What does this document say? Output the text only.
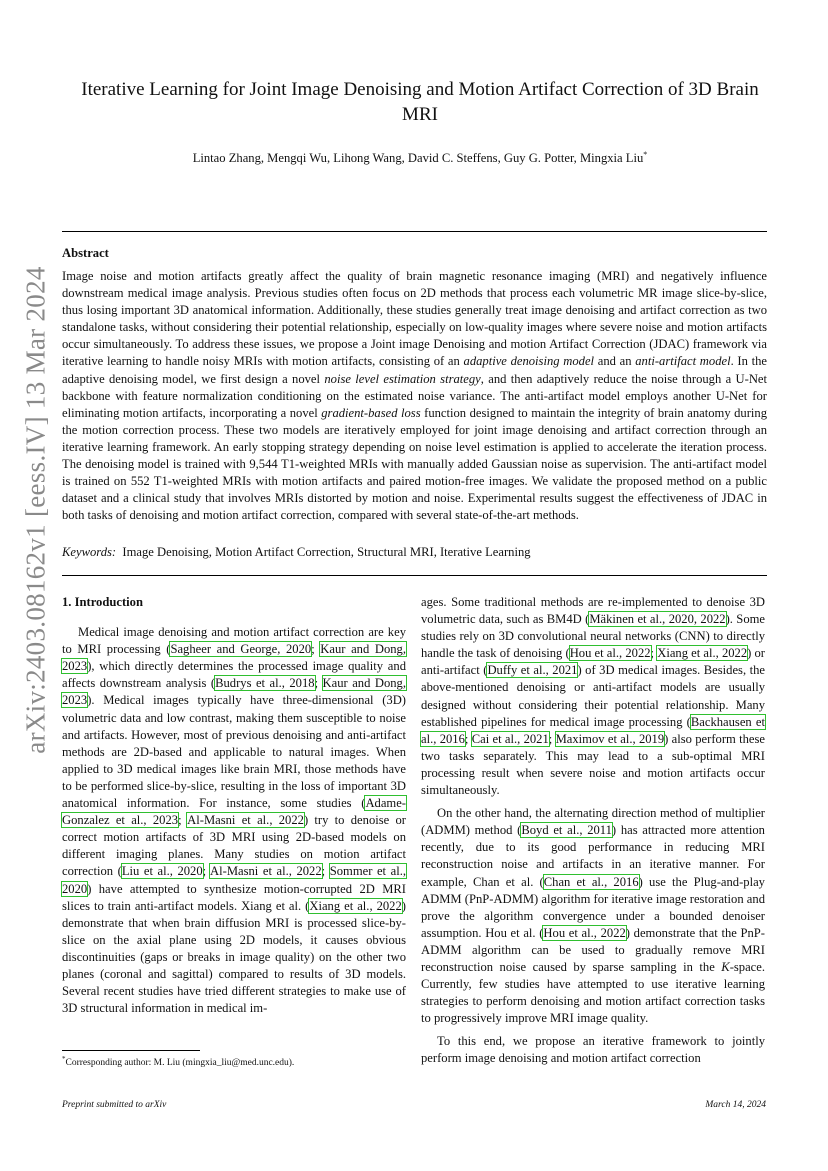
arXiv:2403.08162v1 [eess.IV] 13 Mar 2024
Iterative Learning for Joint Image Denoising and Motion Artifact Correction of 3D Brain MRI
Lintao Zhang, Mengqi Wu, Lihong Wang, David C. Steffens, Guy G. Potter, Mingxia Liu*
Abstract
Image noise and motion artifacts greatly affect the quality of brain magnetic resonance imaging (MRI) and negatively influence downstream medical image analysis. Previous studies often focus on 2D methods that process each volumetric MR image slice-by-slice, thus losing important 3D anatomical information. Additionally, these studies generally treat image denoising and artifact correction as two standalone tasks, without considering their potential relationship, especially on low-quality images where severe noise and motion artifacts occur simultaneously. To address these issues, we propose a Joint image Denoising and motion Artifact Correction (JDAC) framework via iterative learning to handle noisy MRIs with motion artifacts, consisting of an adaptive denoising model and an anti-artifact model. In the adaptive denoising model, we first design a novel noise level estimation strategy, and then adaptively reduce the noise through a U-Net backbone with feature normalization conditioning on the estimated noise variance. The anti-artifact model employs another U-Net for eliminating motion artifacts, incorporating a novel gradient-based loss function designed to maintain the integrity of brain anatomy during the motion correction process. These two models are iteratively employed for joint image denoising and artifact correction through an iterative learning framework. An early stopping strategy depending on noise level estimation is applied to accelerate the iteration process. The denoising model is trained with 9,544 T1-weighted MRIs with manually added Gaussian noise as supervision. The anti-artifact model is trained on 552 T1-weighted MRIs with motion artifacts and paired motion-free images. We validate the proposed method on a public dataset and a clinical study that involves MRIs distorted by motion and noise. Experimental results suggest the effectiveness of JDAC in both tasks of denoising and motion artifact correction, compared with several state-of-the-art methods.
Keywords: Image Denoising, Motion Artifact Correction, Structural MRI, Iterative Learning
1. Introduction

Medical image denoising and motion artifact correction are key to MRI processing (Sagheer and George, 2020; Kaur and Dong, 2023), which directly determines the processed image quality and affects downstream analysis (Budrys et al., 2018; Kaur and Dong, 2023). Medical images typically have three-dimensional (3D) volumetric data and low contrast, making them susceptible to noise and artifacts. However, most of previous denoising and anti-artifact methods are 2D-based and applicable to natural images. When applied to 3D medical images like brain MRI, those methods have to be performed slice-by-slice, resulting in the loss of important 3D anatomical information. For instance, some studies (Adame-Gonzalez et al., 2023; Al-Masni et al., 2022) try to denoise or correct motion artifacts of 3D MRI using 2D-based models on different imaging planes. Many studies on motion artifact correction (Liu et al., 2020; Al-Masni et al., 2022; Sommer et al., 2020) have attempted to synthesize motion-corrupted 2D MRI slices to train anti-artifact models. Xiang et al. (Xiang et al., 2022) demonstrate that when brain diffusion MRI is processed slice-by-slice on the axial plane using 2D models, it causes obvious discontinuities (gaps or breaks in image quality) on the other two planes (coronal and sagittal) compared to results of 3D models. Several recent studies have tried different strategies to make use of 3D structural information in medical im-

ages. Some traditional methods are re-implemented to denoise 3D volumetric data, such as BM4D (Mäkinen et al., 2020, 2022). Some studies rely on 3D convolutional neural networks (CNN) to directly handle the task of denoising (Hou et al., 2022; Xiang et al., 2022) or anti-artifact (Duffy et al., 2021) of 3D medical images. Besides, the above-mentioned denoising or anti-artifact models are usually designed without considering their potential relationship. Many established pipelines for medical image processing (Backhausen et al., 2016; Cai et al., 2021; Maximov et al., 2019) also perform these two tasks separately. This may lead to a sub-optimal MRI processing result when severe noise and motion artifacts occur simultaneously.

On the other hand, the alternating direction method of multiplier (ADMM) method (Boyd et al., 2011) has attracted more attention recently, due to its good performance in reducing MRI reconstruction noise and artifacts in an iterative manner. For example, Chan et al. (Chan et al., 2016) use the Plug-and-play ADMM (PnP-ADMM) algorithm for iterative image restoration and prove the algorithm convergence under a bounded denoiser assumption. Hou et al. (Hou et al., 2022) demonstrate that the PnP-ADMM algorithm can be used to gradually remove MRI reconstruction noise caused by sparse sampling in the K-space. Currently, few studies have attempted to use iterative learning strategies to perform denoising and motion artifact correction tasks to progressively improve MRI image quality.

To this end, we propose an iterative framework to jointly perform image denoising and motion artifact correction

*Corresponding author: M. Liu (mingxia_liu@med.unc.edu).
Preprint submitted to arXiv	March 14, 2024
